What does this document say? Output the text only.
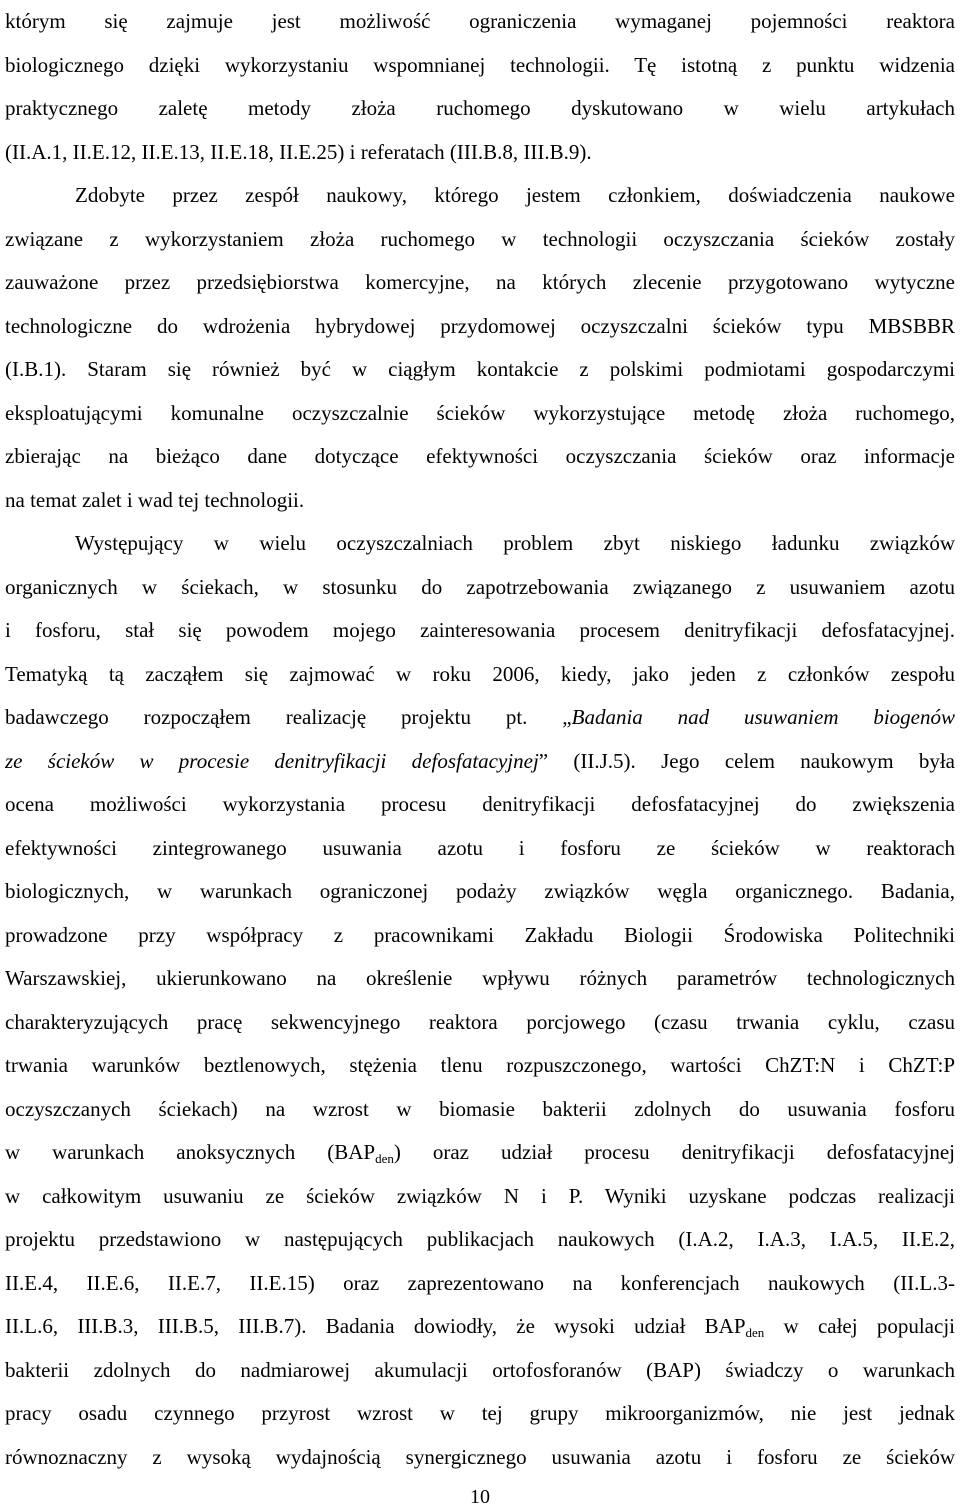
którym się zajmuje jest możliwość ograniczenia wymaganej pojemności reaktora
biologicznego dzięki wykorzystaniu wspomnianej technologii. Tę istotną z punktu widzenia
praktycznego zaletę metody złoża ruchomego dyskutowano w wielu artykułach
(II.A.1, II.E.12, II.E.13, II.E.18, II.E.25) i referatach (III.B.8, III.B.9).
Zdobyte przez zespół naukowy, którego jestem członkiem, doświadczenia naukowe
związane z wykorzystaniem złoża ruchomego w technologii oczyszczania ścieków zostały
zauważone przez przedsiębiorstwa komercyjne, na których zlecenie przygotowano wytyczne
technologiczne do wdrożenia hybrydowej przydomowej oczyszczalni ścieków typu MBSBBR
(I.B.1). Staram się również być w ciągłym kontakcie z polskimi podmiotami gospodarczymi
eksploatującymi komunalne oczyszczalnie ścieków wykorzystujące metodę złoża ruchomego,
zbierając na bieżąco dane dotyczące efektywności oczyszczania ścieków oraz informacje
na temat zalet i wad tej technologii.
Występujący w wielu oczyszczalniach problem zbyt niskiego ładunku związków
organicznych w ściekach, w stosunku do zapotrzebowania związanego z usuwaniem azotu
i fosforu, stał się powodem mojego zainteresowania procesem denitryfikacji defosfatacyjnej.
Tematyką tą zacząłem się zajmować w roku 2006, kiedy, jako jeden z członków zespołu
badawczego rozpocząłem realizację projektu pt. „Badania nad usuwaniem biogenów
ze ścieków w procesie denitryfikacji defosfatacyjnej” (II.J.5). Jego celem naukowym była
ocena możliwości wykorzystania procesu denitryfikacji defosfatacyjnej do zwiększenia
efektywności zintegrowanego usuwania azotu i fosforu ze ścieków w reaktorach
biologicznych, w warunkach ograniczonej podaży związków węgla organicznego. Badania,
prowadzone przy współpracy z pracownikami Zakładu Biologii Środowiska Politechniki
Warszawskiej, ukierunkowano na określenie wpływu różnych parametrów technologicznych
charakteryzujących pracę sekwencyjnego reaktora porcjowego (czasu trwania cyklu, czasu
trwania warunków beztlenowych, stężenia tlenu rozpuszczonego, wartości ChZT:N i ChZT:P
oczyszczanych ściekach) na wzrost w biomasie bakterii zdolnych do usuwania fosforu
w warunkach anoksycznych $(BAP_{den})$ oraz udział procesu denitryfikacji defosfatacyjnej
w całkowitym usuwaniu ze ścieków związków N i P. Wyniki uzyskane podczas realizacji
projektu przedstawiono w następujących publikacjach naukowych (I.A.2, I.A.3, I.A.5, II.E.2,
II.E.4, II.E.6, II.E.7, II.E.15) oraz zaprezentowano na konferencjach naukowych (II.L.3-
II.L.6, III.B.3, III.B.5, III.B.7). Badania dowiodły, że wysoki udział $BAP_{den}$ w całej populacji
bakterii zdolnych do nadmiarowej akumulacji ortofosforanów (BAP) świadczy o warunkach
pracy osadu czynnego przyrost wzrost w tej grupy mikroorganizmów, nie jest jednak
równoznaczny z wysoką wydajnością synergicznego usuwania azotu i fosforu ze ścieków
10
